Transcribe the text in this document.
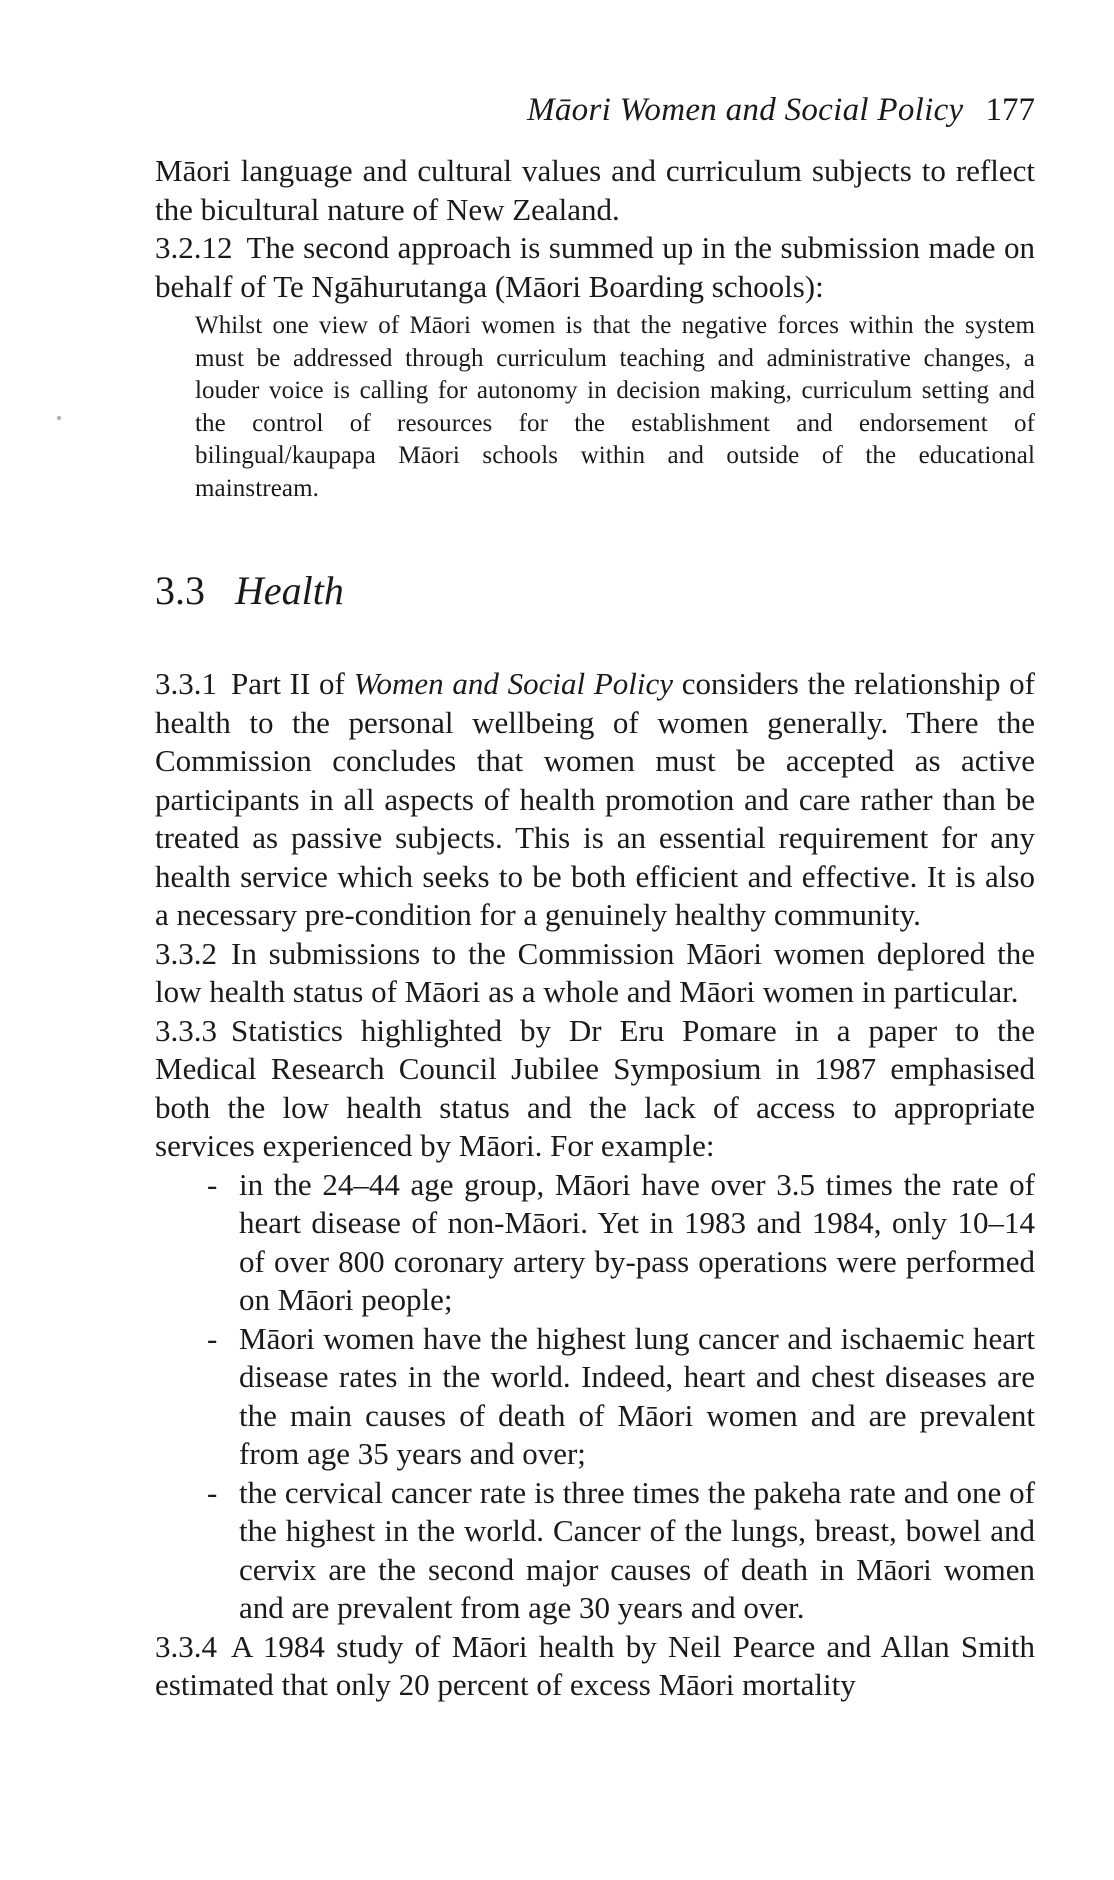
Māori Women and Social Policy 177

Māori language and cultural values and curriculum subjects to reflect the bicultural nature of New Zealand.

3.2.12 The second approach is summed up in the submission made on behalf of Te Ngāhurutanga (Māori Boarding schools):

Whilst one view of Māori women is that the negative forces within the system must be addressed through curriculum teaching and administrative changes, a louder voice is calling for autonomy in decision making, curriculum setting and the control of resources for the establishment and endorsement of bilingual/kaupapa Māori schools within and outside of the educational mainstream.
3.3 Health

3.3.1 Part II of Women and Social Policy considers the relationship of health to the personal wellbeing of women generally. There the Commission concludes that women must be accepted as active participants in all aspects of health promotion and care rather than be treated as passive subjects. This is an essential requirement for any health service which seeks to be both efficient and effective. It is also a necessary pre-condition for a genuinely healthy community.

3.3.2 In submissions to the Commission Māori women deplored the low health status of Māori as a whole and Māori women in particular.

3.3.3 Statistics highlighted by Dr Eru Pomare in a paper to the Medical Research Council Jubilee Symposium in 1987 emphasised both the low health status and the lack of access to appropriate services experienced by Māori. For example:

- in the 24–44 age group, Māori have over 3.5 times the rate of heart disease of non-Māori. Yet in 1983 and 1984, only 10–14 of over 800 coronary artery by-pass operations were performed on Māori people;

- Māori women have the highest lung cancer and ischaemic heart disease rates in the world. Indeed, heart and chest diseases are the main causes of death of Māori women and are prevalent from age 35 years and over;

- the cervical cancer rate is three times the pakeha rate and one of the highest in the world. Cancer of the lungs, breast, bowel and cervix are the second major causes of death in Māori women and are prevalent from age 30 years and over.

3.3.4 A 1984 study of Māori health by Neil Pearce and Allan Smith estimated that only 20 percent of excess Māori mortality
